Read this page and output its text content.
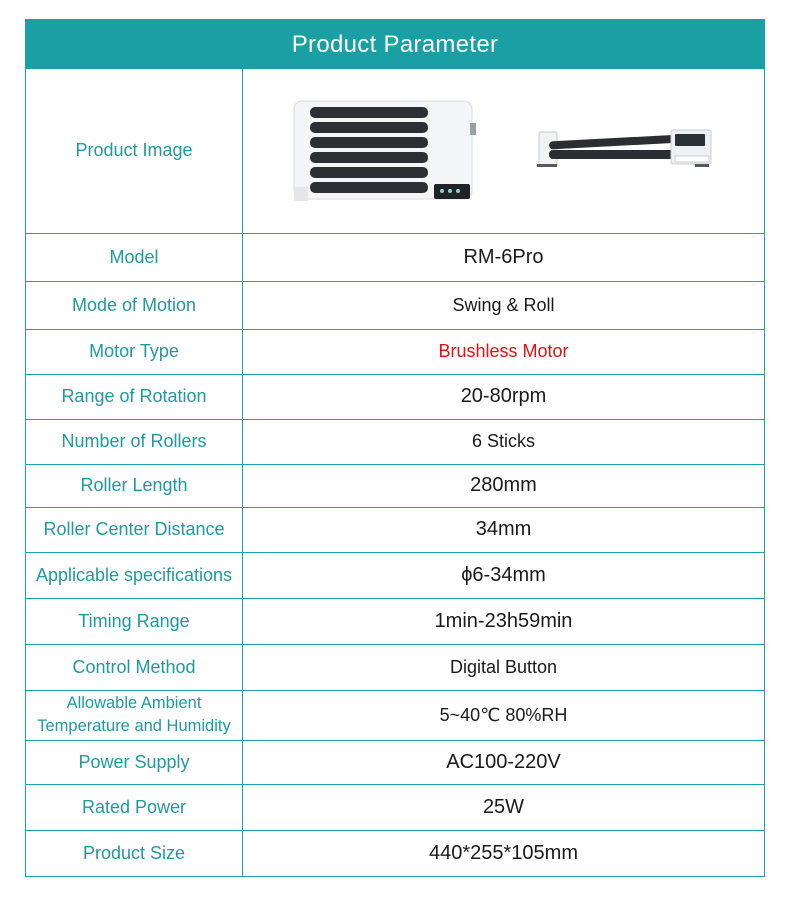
Product Parameter
Product Image	

Model	RM-6Pro
Mode of Motion	Swing & Roll
Motor Type	Brushless Motor
Range of Rotation	20-80rpm
Number of Rollers	6 Sticks
Roller Length	280mm
Roller Center Distance	34mm
Applicable specifications	ϕ6-34mm
Timing Range	1min-23h59min
Control Method	Digital Button
Allowable Ambient Temperature and Humidity	5~40℃ 80%RH
Power Supply	AC100-220V
Rated Power	25W
Product Size	440*255*105mm
